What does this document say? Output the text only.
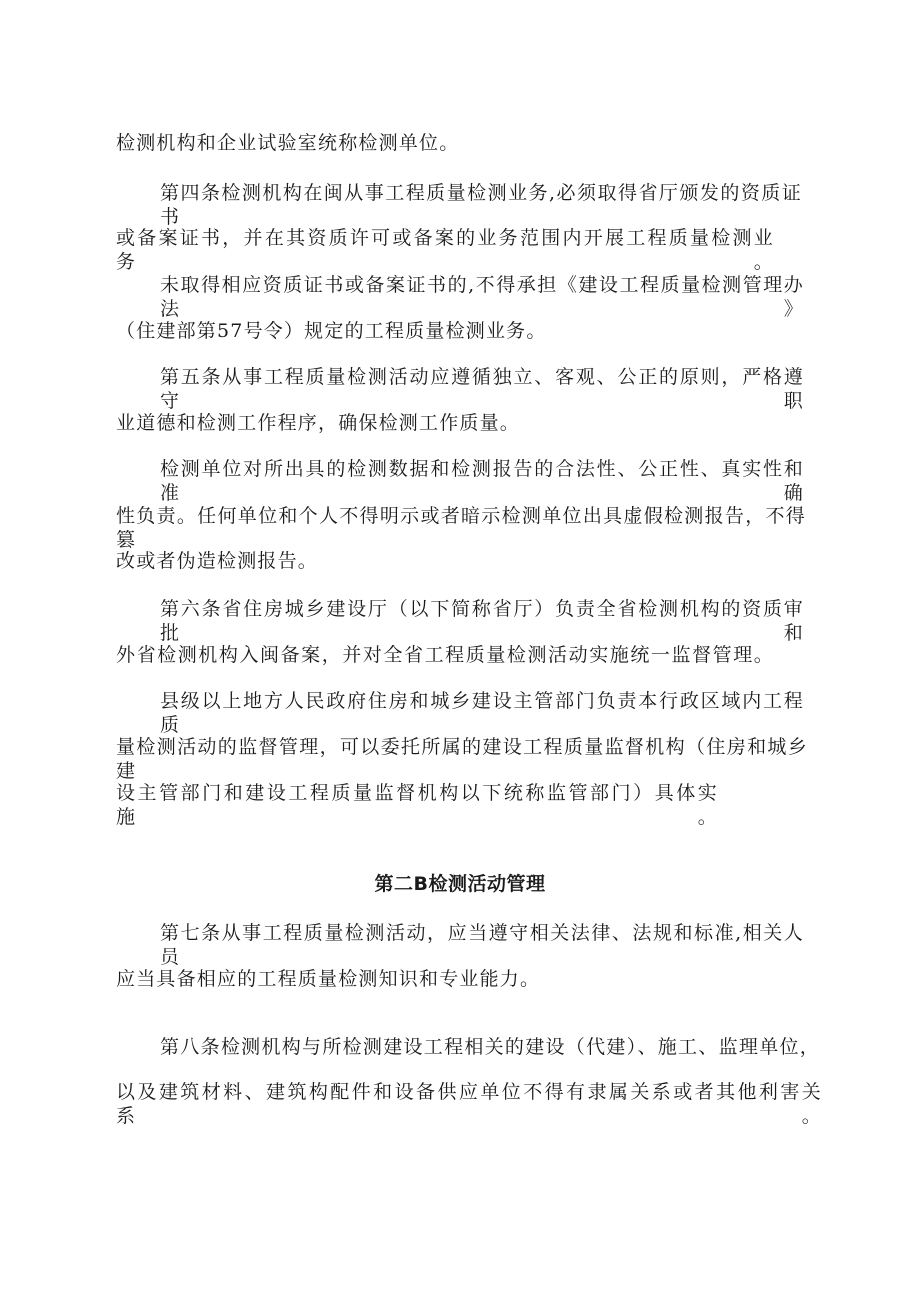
检测机构和企业试验室统称检测单位。

第四条检测机构在闽从事工程质量检测业务,必须取得省厅颁发的资质证书

或备案证书，并在其资质许可或备案的业务范围内开展工程质量检测业务。

未取得相应资质证书或备案证书的,不得承担《建设工程质量检测管理办法》

（住建部第57号令）规定的工程质量检测业务。

第五条从事工程质量检测活动应遵循独立、客观、公正的原则，严格遵守职

业道德和检测工作程序，确保检测工作质量。

检测单位对所出具的检测数据和检测报告的合法性、公正性、真实性和准确

性负责。任何单位和个人不得明示或者暗示检测单位出具虚假检测报告，不得篡

改或者伪造检测报告。

第六条省住房城乡建设厅（以下简称省厅）负责全省检测机构的资质审批和

外省检测机构入闽备案，并对全省工程质量检测活动实施统一监督管理。

县级以上地方人民政府住房和城乡建设主管部门负责本行政区域内工程质

量检测活动的监督管理，可以委托所属的建设工程质量监督机构（住房和城乡建

设主管部门和建设工程质量监督机构以下统称监管部门）具体实施。

第二B检测活动管理

第七条从事工程质量检测活动，应当遵守相关法律、法规和标准,相关人员

应当具备相应的工程质量检测知识和专业能力。

第八条检测机构与所检测建设工程相关的建设（代建）、施工、监理单位，

以及建筑材料、建筑构配件和设备供应单位不得有隶属关系或者其他利害关系。
